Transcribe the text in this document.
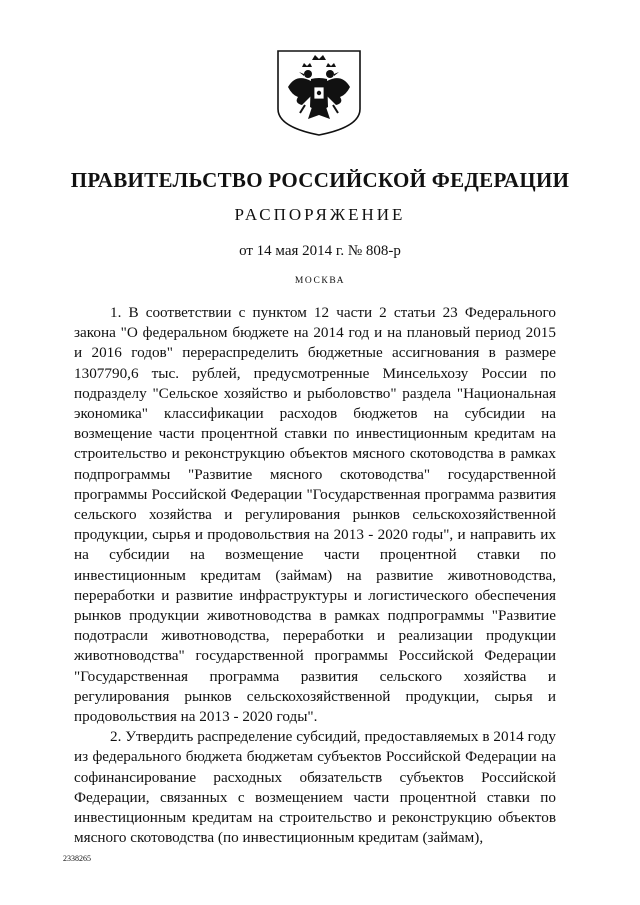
ПРАВИТЕЛЬСТВО РОССИЙСКОЙ ФЕДЕРАЦИИ
РАСПОРЯЖЕНИЕ
от 14 мая 2014 г. № 808-р
МОСКВА

1. В соответствии с пунктом 12 части 2 статьи 23 Федерального закона "О федеральном бюджете на 2014 год и на плановый период 2015 и 2016 годов" перераспределить бюджетные ассигнования в размере 1307790,6 тыс. рублей, предусмотренные Минсельхозу России по подразделу "Сельское хозяйство и рыболовство" раздела "Национальная экономика" классификации расходов бюджетов на субсидии на возмещение части процентной ставки по инвестиционным кредитам на строительство и реконструкцию объектов мясного скотоводства в рамках подпрограммы "Развитие мясного скотоводства" государственной программы Российской Федерации "Государственная программа развития сельского хозяйства и регулирования рынков сельскохозяйственной продукции, сырья и продовольствия на 2013 - 2020 годы", и направить их на субсидии на возмещение части процентной ставки по инвестиционным кредитам (займам) на развитие животноводства, переработки и развитие инфраструктуры и логистического обеспечения рынков продукции животноводства в рамках подпрограммы "Развитие подотрасли животноводства, переработки и реализации продукции животноводства" государственной программы Российской Федерации "Государственная программа развития сельского хозяйства и регулирования рынков сельскохозяйственной продукции, сырья и продовольствия на 2013 - 2020 годы".

2. Утвердить распределение субсидий, предоставляемых в 2014 году из федерального бюджета бюджетам субъектов Российской Федерации на софинансирование расходных обязательств субъектов Российской Федерации, связанных с возмещением части процентной ставки по инвестиционным кредитам на строительство и реконструкцию объектов мясного скотоводства (по инвестиционным кредитам (займам),

2338265
